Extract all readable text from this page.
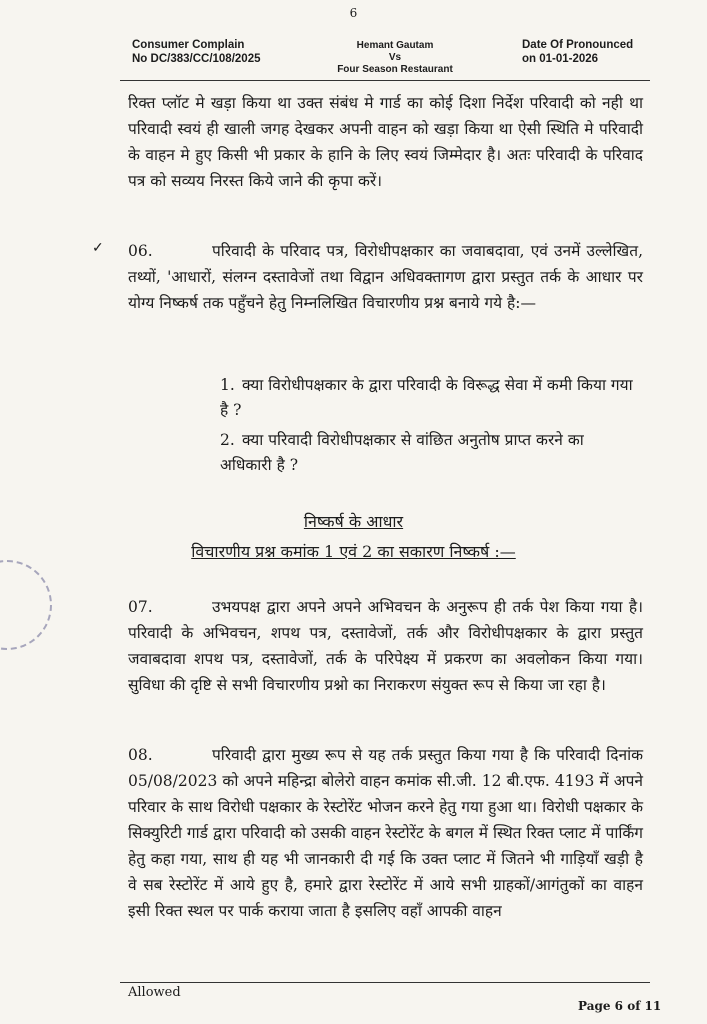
6
Consumer Complain
No DC/383/CC/108/2025
Hemant Gautam
Vs
Four Season Restaurant
Date Of Pronounced
on 01-01-2026
रिक्त प्लॉट मे खड़ा किया था उक्त संबंध मे गार्ड का कोई दिशा निर्देश परिवादी को नही था परिवादी स्वयं ही खाली जगह देखकर अपनी वाहन को खड़ा किया था ऐसी स्थिति मे परिवादी के वाहन मे हुए किसी भी प्रकार के हानि के लिए स्वयं जिम्मेदार है। अतः परिवादी के परिवाद पत्र को सव्यय निरस्त किये जाने की कृपा करें।
✓ 06.	परिवादी के परिवाद पत्र, विरोधीपक्षकार का जवाबदावा, एवं उनमें उल्लेखित, तथ्यों, 'आधारों, संलग्न दस्तावेजों तथा विद्वान अधिवक्तागण द्वारा प्रस्तुत तर्क के आधार पर योग्य निष्कर्ष तक पहुँचने हेतु निम्नलिखित विचारणीय प्रश्न बनाये गये है:—
1. क्या विरोधीपक्षकार के द्वारा परिवादी के विरूद्ध सेवा में कमी किया गया है ?
2. क्या परिवादी विरोधीपक्षकार से वांछित अनुतोष प्राप्त करने का अधिकारी है ?
निष्कर्ष के आधार
विचारणीय प्रश्न कमांक 1 एवं 2 का सकारण निष्कर्ष :—
07.	उभयपक्ष द्वारा अपने अपने अभिवचन के अनुरूप ही तर्क पेश किया गया है। परिवादी के अभिवचन, शपथ पत्र, दस्तावेजों, तर्क और विरोधीपक्षकार के द्वारा प्रस्तुत जवाबदावा शपथ पत्र, दस्तावेजों, तर्क के परिपेक्ष्य में प्रकरण का अवलोकन किया गया। सुविधा की दृष्टि से सभी विचारणीय प्रश्नो का निराकरण संयुक्त रूप से किया जा रहा है।
08.	परिवादी द्वारा मुख्य रूप से यह तर्क प्रस्तुत किया गया है कि परिवादी दिनांक 05/08/2023 को अपने महिन्द्रा बोलेरो वाहन कमांक सी.जी. 12 बी.एफ. 4193 में अपने परिवार के साथ विरोधी पक्षकार के रेस्टोरेंट भोजन करने हेतु गया हुआ था। विरोधी पक्षकार के सिक्युरिटी गार्ड द्वारा परिवादी को उसकी वाहन रेस्टोरेंट के बगल में स्थित रिक्त प्लाट में पार्किंग हेतु कहा गया, साथ ही यह भी जानकारी दी गई कि उक्त प्लाट में जितने भी गाड़ियाँ खड़ी है वे सब रेस्टोरेंट में आये हुए है, हमारे द्वारा रेस्टोरेंट में आये सभी ग्राहकों/आगंतुकों का वाहन इसी रिक्त स्थल पर पार्क कराया जाता है इसलिए वहाँ आपकी वाहन
Allowed
Page 6 of 11
